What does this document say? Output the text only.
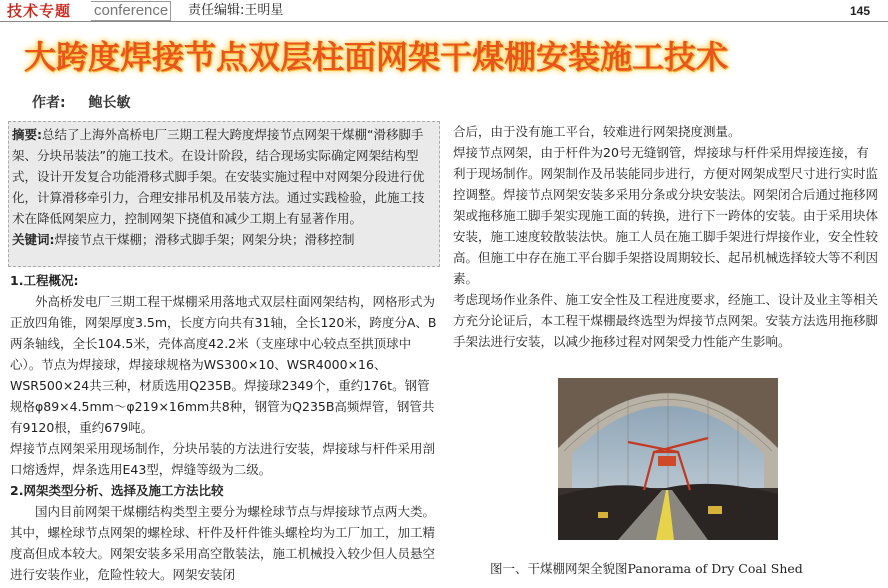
技术专题	conference 责任编辑:王明星	145
大跨度焊接节点双层柱面网架干煤棚安装施工技术
作者: 鲍长敏
摘要:总结了上海外高桥电厂三期工程大跨度焊接节点网架干煤棚“滑移脚手架、分块吊装法”的施工技术。在设计阶段，结合现场实际确定网架结构型式，设计开发复合功能滑移式脚手架。在安装实施过程中对网架分段进行优化，计算滑移牵引力，合理安排吊机及吊装方法。通过实践检验，此施工技术在降低网架应力，控制网架下挠值和减少工期上有显著作用。
关键词:焊接节点干煤棚；滑移式脚手架；网架分块；滑移控制

1.工程概况:

外高桥发电厂三期工程干煤棚采用落地式双层柱面网架结构，网格形式为正放四角锥，网架厚度3.5m，长度方向共有31轴，全长120米，跨度分A、B两条轴线，全长104.5米，壳体高度42.2米（支座球中心较点至拱顶球中心）。节点为焊接球，焊接球规格为WS300×10、WSR4000×16、WSR500×24共三种，材质选用Q235B。焊接球2349个，重约176t。钢管规格φ89×4.5mm～φ219×16mm共8种，钢管为Q235B高频焊管，钢管共有9120根，重约679吨。

焊接节点网架采用现场制作，分块吊装的方法进行安装，焊接球与杆件采用剖口熔透焊，焊条选用E43型，焊缝等级为二级。

2.网架类型分析、选择及施工方法比较

国内目前网架干煤棚结构类型主要分为螺栓球节点与焊接球节点两大类。其中，螺栓球节点网架的螺栓球、杆件及杆件锥头螺栓均为工厂加工，加工精度高但成本较大。网架安装多采用高空散装法，施工机械投入较少但人员悬空进行安装作业，危险性较大。网架安装闭

合后，由于没有施工平台，较难进行网架挠度测量。

焊接节点网架，由于杆件为20号无缝钢管，焊接球与杆件采用焊接连接，有利于现场制作。网架制作及吊装能同步进行，方便对网架成型尺寸进行实时监控调整。焊接节点网架安装多采用分条或分块安装法。网架闭合后通过拖移网架或拖移施工脚手架实现施工面的转换，进行下一跨体的安装。由于采用块体安装，施工速度较散装法快。施工人员在施工脚手架进行焊接作业，安全性较高。但施工中存在施工平台脚手架搭设周期较长、起吊机械选择较大等不利因素。

考虑现场作业条件、施工安全性及工程进度要求，经施工、设计及业主等相关方充分论证后，本工程干煤棚最终选型为焊接节点网架。安装方法选用拖移脚手架法进行安装，以减少拖移过程对网架受力性能产生影响。

图一、干煤棚网架全貌图Panorama of Dry Coal Shed
